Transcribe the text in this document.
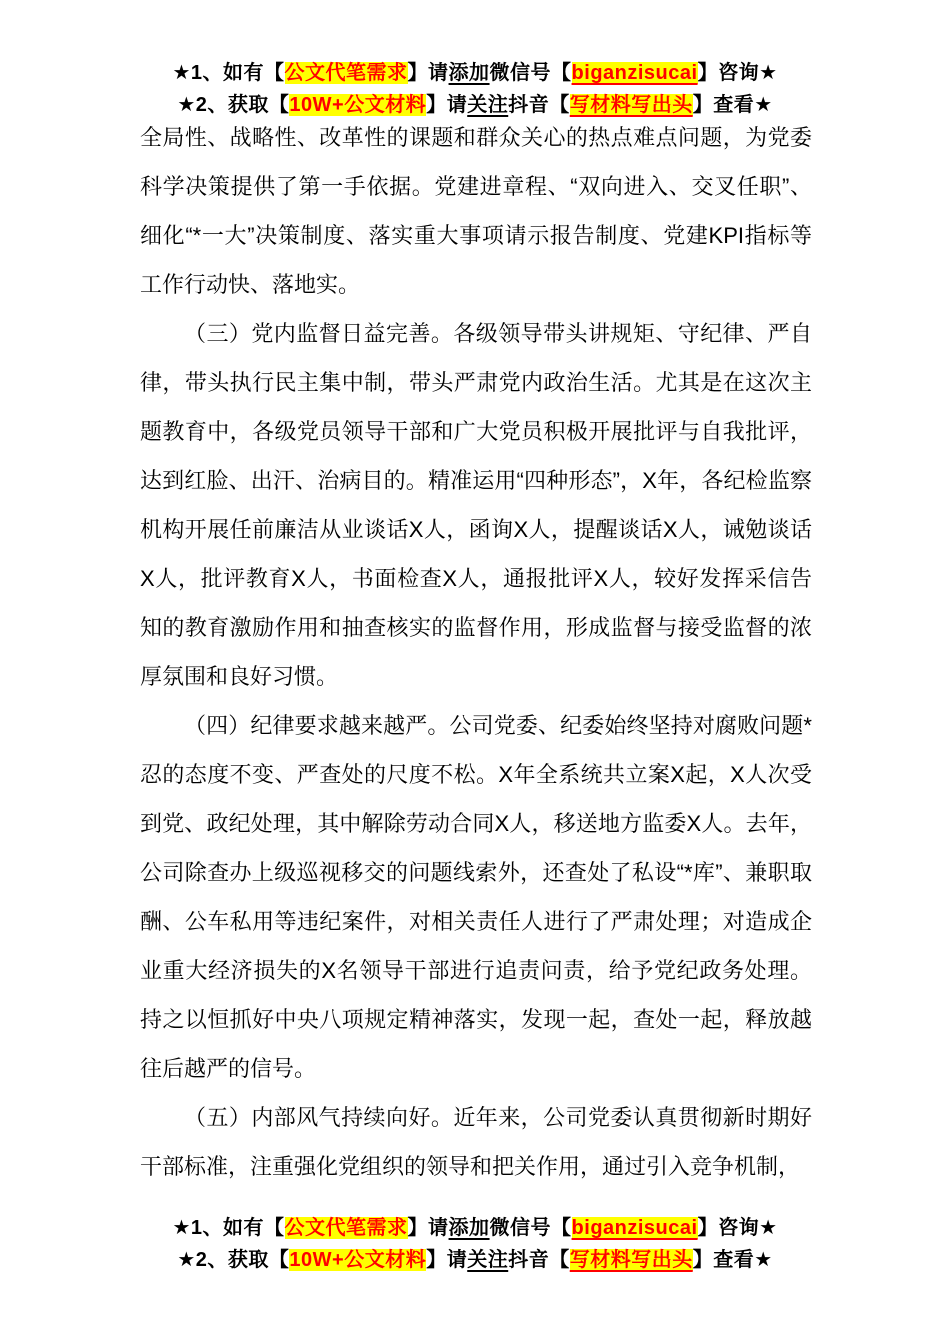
★1、如有【公文代笔需求】请添加微信号【biganzisucai】咨询★
★2、获取【10W+公文材料】请关注抖音【写材料写出头】查看★

全局性、战略性、改革性的课题和群众关心的热点难点问题，为党委科学决策提供了第一手依据。党建进章程、“双向进入、交叉任职”、细化“*一大”决策制度、落实重大事项请示报告制度、党建KPI指标等工作行动快、落地实。

（三）党内监督日益完善。各级领导带头讲规矩、守纪律、严自律，带头执行民主集中制，带头严肃党内政治生活。尤其是在这次主题教育中，各级党员领导干部和广大党员积极开展批评与自我批评，达到红脸、出汗、治病目的。精准运用“四种形态”，X年，各纪检监察机构开展任前廉洁从业谈话X人，函询X人，提醒谈话X人，诫勉谈话X人，批评教育X人，书面检查X人，通报批评X人，较好发挥采信告知的教育激励作用和抽查核实的监督作用，形成监督与接受监督的浓厚氛围和良好习惯。

（四）纪律要求越来越严。公司党委、纪委始终坚持对腐败问题*忍的态度不变、严查处的尺度不松。X年全系统共立案X起，X人次受到党、政纪处理，其中解除劳动合同X人，移送地方监委X人。去年，公司除查办上级巡视移交的问题线索外，还查处了私设“*库”、兼职取酬、公车私用等违纪案件，对相关责任人进行了严肃处理；对造成企业重大经济损失的X名领导干部进行追责问责，给予党纪政务处理。持之以恒抓好中央八项规定精神落实，发现一起，查处一起，释放越往后越严的信号。

（五）内部风气持续向好。近年来，公司党委认真贯彻新时期好干部标准，注重强化党组织的领导和把关作用，通过引入竞争机制，

★1、如有【公文代笔需求】请添加微信号【biganzisucai】咨询★
★2、获取【10W+公文材料】请关注抖音【写材料写出头】查看★
